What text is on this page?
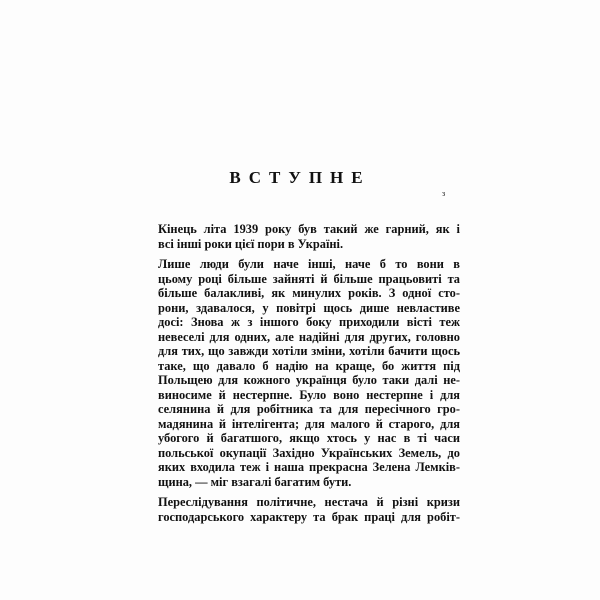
ВСТУПНЕ
з

Кінець літа 1939 року був такий же гарний, як і
всі інші роки цієї пори в Україні.

Лише люди були наче інші, наче б то вони в
цьому році більше зайняті й більше працьовиті та
більше балакливі, як минулих років. З одної сто-
рони, здавалося, у повітрі щось дише невластиве
досі: Знова ж з іншого боку приходили вісті теж
невеселі для одних, але надійні для других, головно
для тих, що завжди хотіли зміни, хотіли бачити щось
таке, що давало б надію на краще, бо життя під
Польщею для кожного українця було таки далі не-
виносиме й нестерпне. Було воно нестерпне і для
селянина й для робітника та для пересічного гро-
мадянина й інтелігента; для малого й старого, для
убогого й багатшого, якщо хтось у нас в ті часи
польської окупації Західно Українських Земель, до
яких входила теж і наша прекрасна Зелена Лемків-
щина, — міг взагалі багатим бути.

Переслідування політичне, нестача й різні кризи
господарського характеру та брак праці для робіт-
